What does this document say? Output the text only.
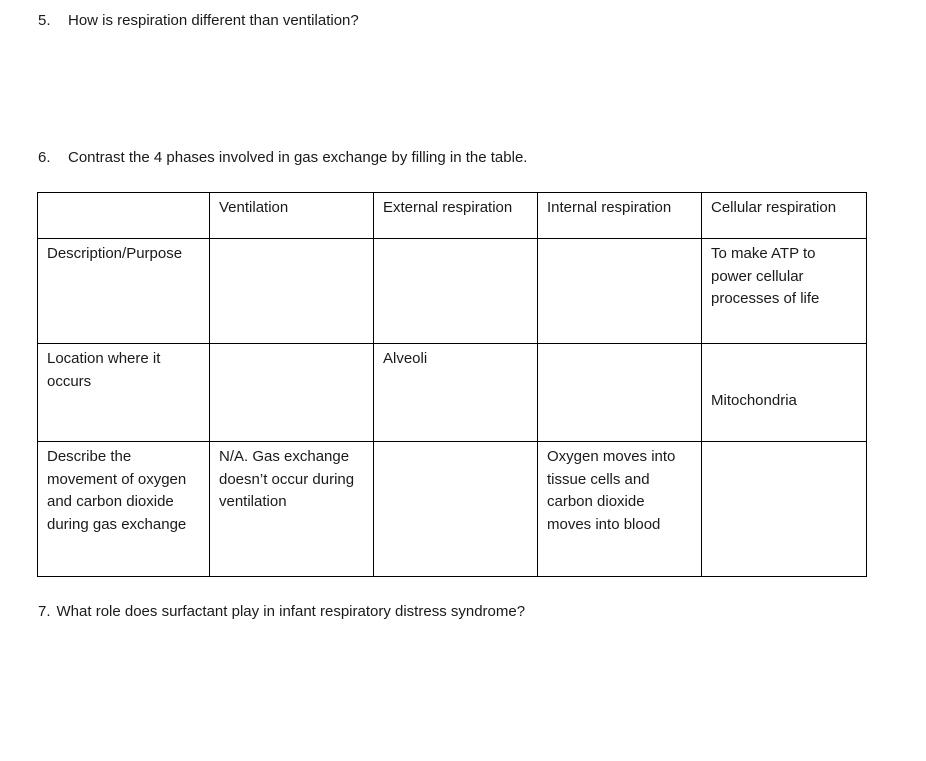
5. How is respiration different than ventilation?
6. Contrast the 4 phases involved in gas exchange by filling in the table.
	Ventilation	External respiration	Internal respiration	Cellular respiration
Description/Purpose				To make ATP to power cellular processes of life
Location where it occurs		Alveoli		Mitochondria
Describe the movement of oxygen and carbon dioxide during gas exchange	N/A. Gas exchange doesn’t occur during ventilation		Oxygen moves into tissue cells and carbon dioxide moves into blood	
7. What role does surfactant play in infant respiratory distress syndrome?
